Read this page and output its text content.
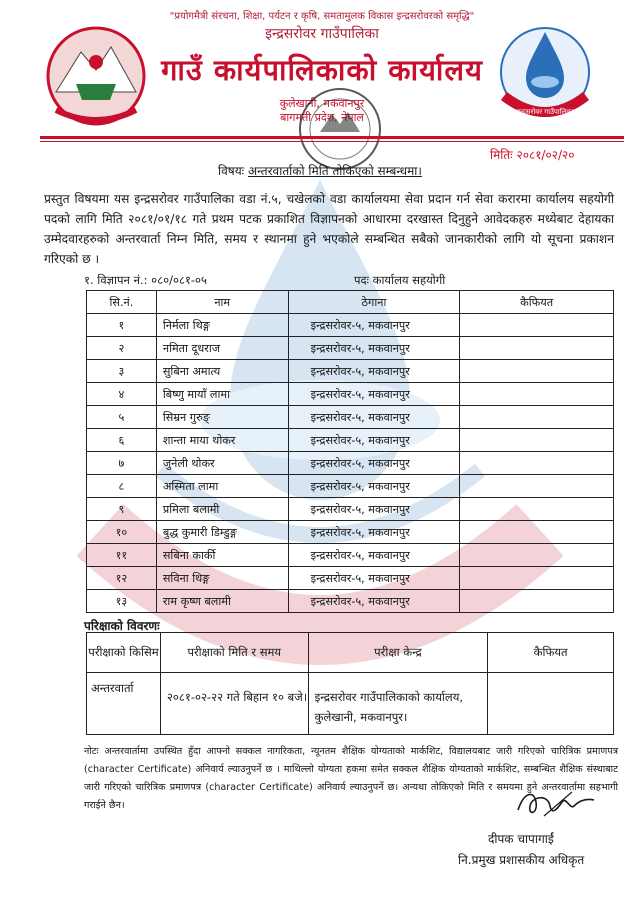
"प्रयोगमैत्री संरचना, शिक्षा, पर्यटन र कृषि, समतामुलक विकास इन्द्रसरोवरको समृद्धि"
इन्द्रसरोवर गाउँपालिका
गाउँ कार्यपालिकाको कार्यालय
कुलेखानी, मकवानपुर
बागमती प्रदेश, नेपाल	इन्द्रसरोवर गाउँपालिका
मितिः २०८१/०२/२०
विषयः अन्तरवार्ताको मिति तोकिएको सम्बन्धमा।
प्रस्तुत विषयमा यस इन्द्रसरोवर गाउँपालिका वडा नं.५, चखेलको वडा कार्यालयमा सेवा प्रदान गर्न सेवा करारमा कार्यालय सहयोगी पदको लागि मिति २०८१/०१/१८ गते प्रथम पटक प्रकाशित विज्ञापनको आधारमा दरखास्त दिनुहुने आवेदकहरु मध्येबाट देहायका उम्मेदवारहरुको अन्तरवार्ता निम्न मिति, समय र स्थानमा हुने भएकोले सम्बन्धित सबैको जानकारीको लागि यो सूचना प्रकाशन गरिएको छ ।
१. विज्ञापन नं.: ०८०/०८१-०५	पदः कार्यालय सहयोगी
सि.नं.	नाम	ठेगाना	कैफियत
१	निर्मला थिङ्ग	इन्द्रसरोवर-५, मकवानपुर	
२	नमिता दूधराज	इन्द्रसरोवर-५, मकवानपुर	
३	सुबिना अमात्य	इन्द्रसरोवर-५, मकवानपुर	
४	बिष्णु मायाँ लामा	इन्द्रसरोवर-५, मकवानपुर	
५	सिम्रन गुरुङ्	इन्द्रसरोवर-५, मकवानपुर	
६	शान्ता माया थोकर	इन्द्रसरोवर-५, मकवानपुर	
७	जुनेली थोकर	इन्द्रसरोवर-५, मकवानपुर	
८	अस्मिता लामा	इन्द्रसरोवर-५, मकवानपुर	
९	प्रमिला बलामी	इन्द्रसरोवर-५, मकवानपुर	
१०	बुद्ध कुमारी डिम्डुङ्ग	इन्द्रसरोवर-५, मकवानपुर	
११	सबिना कार्की	इन्द्रसरोवर-५, मकवानपुर	
१२	सविना थिङ्ग	इन्द्रसरोवर-५, मकवानपुर	
१३	राम कृष्ण बलामी	इन्द्रसरोवर-५, मकवानपुर	
परिक्षाको विवरणः
परीक्षाको किसिम	परीक्षाको मिति र समय	परीक्षा केन्द्र	कैफियत
अन्तरवार्ता	२०८१-०२-२२ गते बिहान १० बजे।	इन्द्रसरोवर गाउँपालिकाको कार्यालय, कुलेखानी, मकवानपुर।	
नोटः अन्तरवार्तामा उपस्थित हुँदा आफ्नो सक्कल नागरिकता, न्यूनतम शैक्षिक योग्यताको मार्कशिट, विद्यालयबाट जारी गरिएको चारित्रिक प्रमाणपत्र (character Certificate) अनिवार्य ल्याउनुपर्ने छ । माथिल्लो योग्यता हकमा समेत सक्कल शैक्षिक योग्यताको मार्कशिट, सम्बन्धित शैक्षिक संस्थाबाट जारी गरिएको चारित्रिक प्रमाणपत्र (character Certificate) अनिवार्य ल्याउनुपर्ने छ। अन्यथा तोकिएको मिति र समयमा हुने अन्तरवार्तामा सहभागी गराईने छैन।
दीपक चापागाईं
नि.प्रमुख प्रशासकीय अधिकृत
